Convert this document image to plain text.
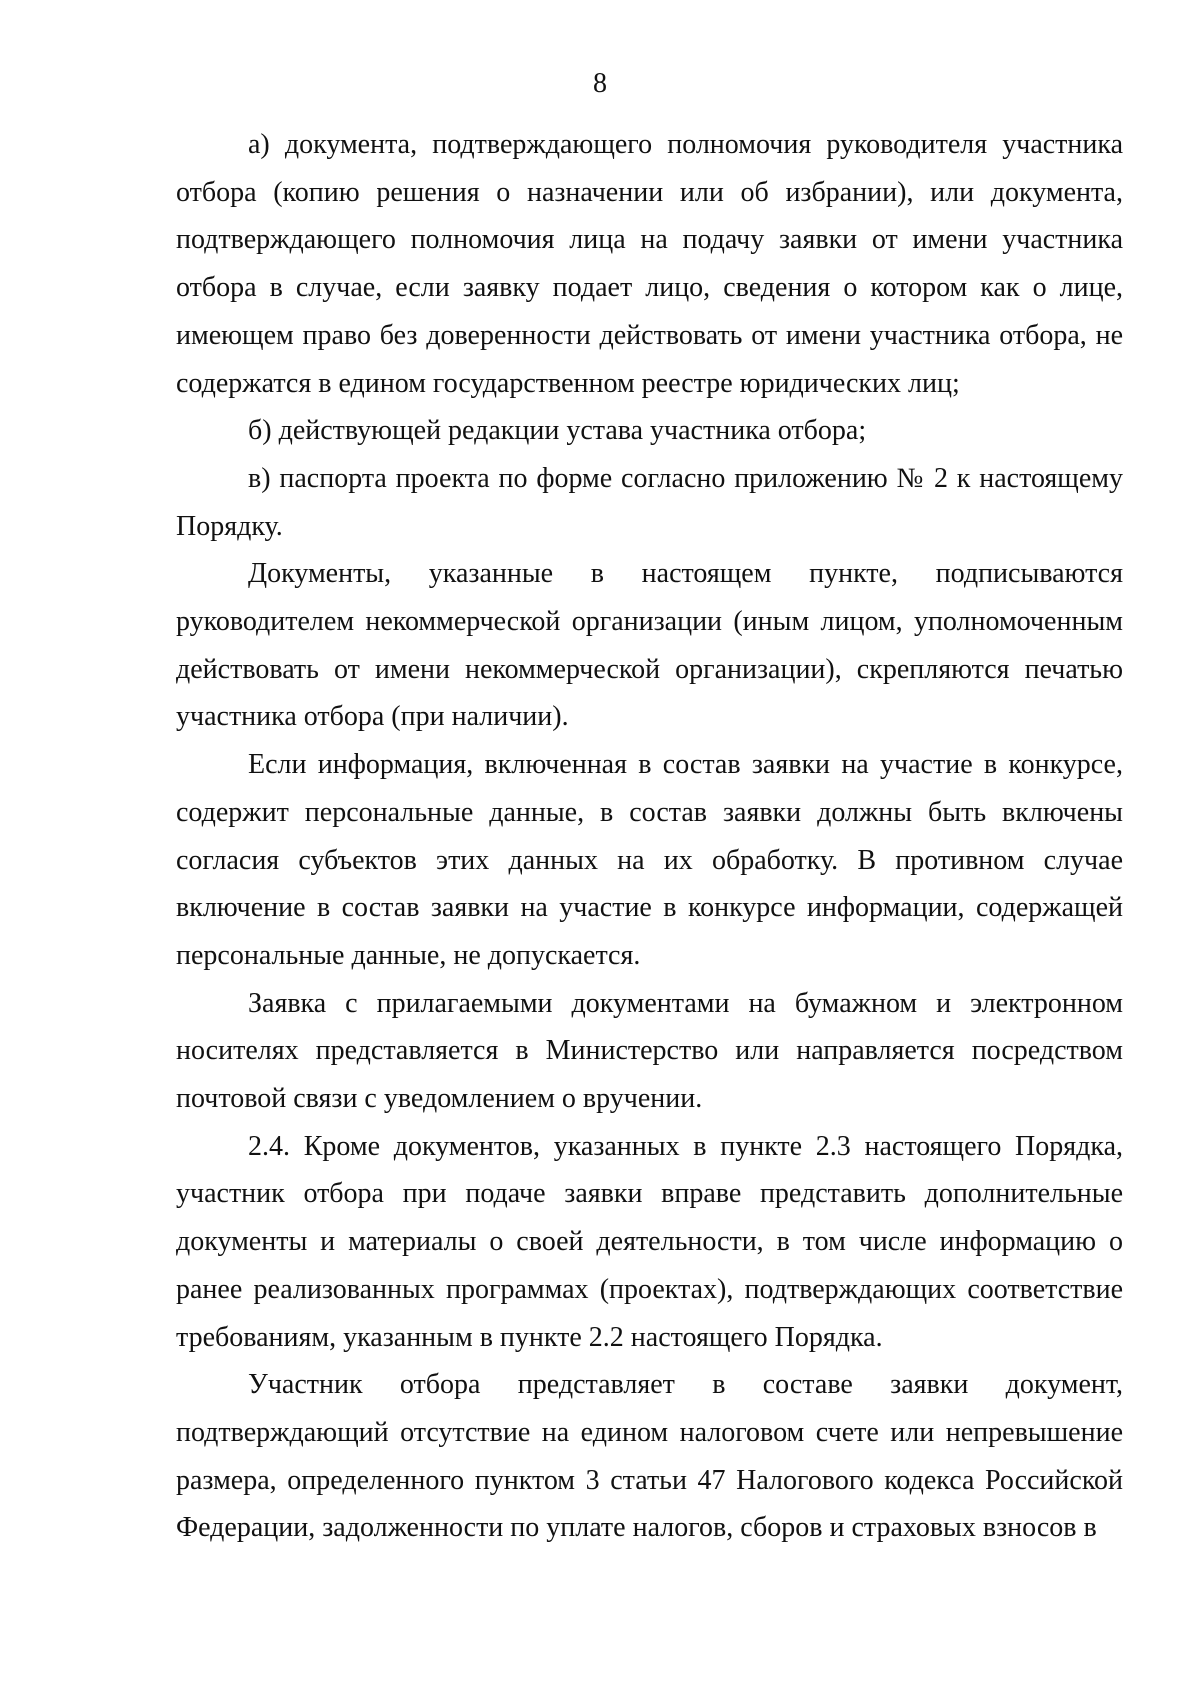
8

а) документа, подтверждающего полномочия руководителя участника отбора (копию решения о назначении или об избрании), или документа, подтверждающего полномочия лица на подачу заявки от имени участника отбора в случае, если заявку подает лицо, сведения о котором как о лице, имеющем право без доверенности действовать от имени участника отбора, не содержатся в едином государственном реестре юридических лиц;

б) действующей редакции устава участника отбора;

в) паспорта проекта по форме согласно приложению № 2 к настоящему Порядку.

Документы, указанные в настоящем пункте, подписываются руководителем некоммерческой организации (иным лицом, уполномоченным действовать от имени некоммерческой организации), скрепляются печатью участника отбора (при наличии).

Если информация, включенная в состав заявки на участие в конкурсе, содержит персональные данные, в состав заявки должны быть включены согласия субъектов этих данных на их обработку. В противном случае включение в состав заявки на участие в конкурсе информации, содержащей персональные данные, не допускается.

Заявка с прилагаемыми документами на бумажном и электронном носителях представляется в Министерство или направляется посредством почтовой связи с уведомлением о вручении.

2.4. Кроме документов, указанных в пункте 2.3 настоящего Порядка, участник отбора при подаче заявки вправе представить дополнительные документы и материалы о своей деятельности, в том числе информацию о ранее реализованных программах (проектах), подтверждающих соответствие требованиям, указанным в пункте 2.2 настоящего Порядка.

Участник отбора представляет в составе заявки документ, подтверждающий отсутствие на едином налоговом счете или непревышение размера, определенного пунктом 3 статьи 47 Налогового кодекса Российской Федерации, задолженности по уплате налогов, сборов и страховых взносов в
